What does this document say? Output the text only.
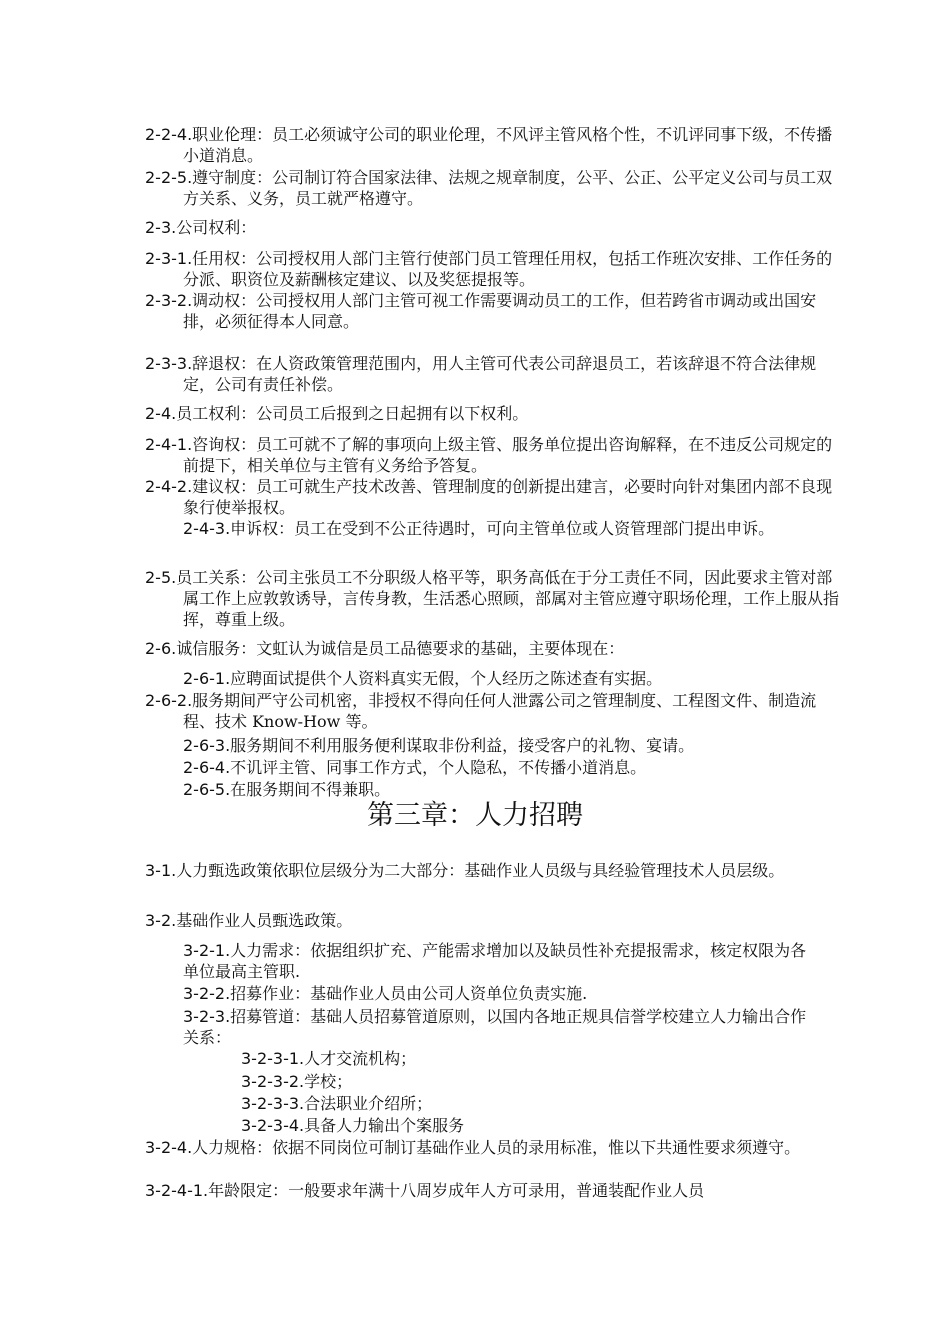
2-2-4.职业伦理：员工必须诚守公司的职业伦理，不风评主管风格个性，不讥评同事下级，不传播小道消息。

2-2-5.遵守制度：公司制订符合国家法律、法规之规章制度，公平、公正、公平定义公司与员工双方关系、义务，员工就严格遵守。

2-3.公司权利：

2-3-1.任用权：公司授权用人部门主管行使部门员工管理任用权，包括工作班次安排、工作任务的分派、职资位及薪酬核定建议、以及奖惩提报等。

2-3-2.调动权：公司授权用人部门主管可视工作需要调动员工的工作，但若跨省市调动或出国安排，必须征得本人同意。

2-3-3.辞退权：在人资政策管理范围内，用人主管可代表公司辞退员工，若该辞退不符合法律规定，公司有责任补偿。

2-4.员工权利：公司员工后报到之日起拥有以下权利。

2-4-1.咨询权：员工可就不了解的事项向上级主管、服务单位提出咨询解释，在不违反公司规定的前提下，相关单位与主管有义务给予答复。

2-4-2.建议权：员工可就生产技术改善、管理制度的创新提出建言，必要时向针对集团内部不良现象行使举报权。

2-4-3.申诉权：员工在受到不公正待遇时，可向主管单位或人资管理部门提出申诉。

2-5.员工关系：公司主张员工不分职级人格平等，职务高低在于分工责任不同，因此要求主管对部属工作上应敦敦诱导，言传身教，生活悉心照顾，部属对主管应遵守职场伦理，工作上服从指挥，尊重上级。

2-6.诚信服务：文虹认为诚信是员工品德要求的基础，主要体现在：

2-6-1.应聘面试提供个人资料真实无假，个人经历之陈述查有实据。

2-6-2.服务期间严守公司机密，非授权不得向任何人泄露公司之管理制度、工程图文件、制造流程、技术 Know-How 等。

2-6-3.服务期间不利用服务便利谋取非份利益，接受客户的礼物、宴请。

2-6-4.不讥评主管、同事工作方式，个人隐私，不传播小道消息。

2-6-5.在服务期间不得兼职。

第三章：人力招聘

3-1.人力甄选政策依职位层级分为二大部分：基础作业人员级与具经验管理技术人员层级。

3-2.基础作业人员甄选政策。

3-2-1.人力需求：依据组织扩充、产能需求增加以及缺员性补充提报需求，核定权限为各单位最高主管职.

3-2-2.招募作业：基础作业人员由公司人资单位负责实施.

3-2-3.招募管道：基础人员招募管道原则，以国内各地正规具信誉学校建立人力输出合作关系：

3-2-3-1.人才交流机构；

3-2-3-2.学校；

3-2-3-3.合法职业介绍所；

3-2-3-4.具备人力输出个案服务

3-2-4.人力规格：依据不同岗位可制订基础作业人员的录用标准，惟以下共通性要求须遵守。

3-2-4-1.年龄限定：一般要求年满十八周岁成年人方可录用，普通装配作业人员
